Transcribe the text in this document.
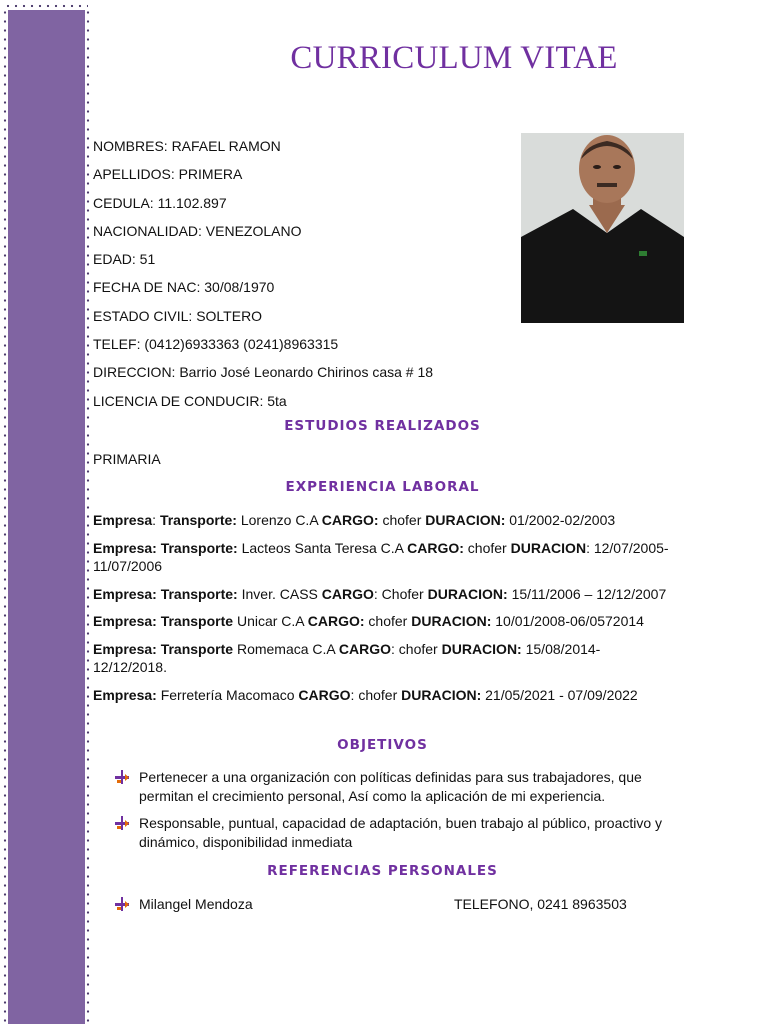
CURRICULUM VITAE
NOMBRES: RAFAEL RAMON
APELLIDOS: PRIMERA
CEDULA: 11.102.897
NACIONALIDAD: VENEZOLANO
EDAD: 51
FECHA DE NAC: 30/08/1970
ESTADO CIVIL: SOLTERO
TELEF: (0412)6933363 (0241)8963315
DIRECCION: Barrio José Leonardo Chirinos casa # 18
LICENCIA DE CONDUCIR: 5ta
ESTUDIOS REALIZADOS
PRIMARIA
EXPERIENCIA LABORAL
Empresa: Transporte: Lorenzo C.A CARGO: chofer DURACION: 01/2002-02/2003
Empresa: Transporte: Lacteos Santa Teresa C.A CARGO: chofer DURACION: 12/07/2005-11/07/2006
Empresa: Transporte: Inver. CASS CARGO: Chofer DURACION: 15/11/2006 – 12/12/2007
Empresa: Transporte Unicar C.A CARGO: chofer DURACION: 10/01/2008-06/0572014
Empresa: Transporte Romemaca C.A CARGO: chofer DURACION: 15/08/2014-12/12/2018.
Empresa: Ferretería Macomaco CARGO: chofer DURACION: 21/05/2021 - 07/09/2022
OBJETIVOS
Pertenecer a una organización con políticas definidas para sus trabajadores, que permitan el crecimiento personal, Así como la aplicación de mi experiencia.
Responsable, puntual, capacidad de adaptación, buen trabajo al público, proactivo y dinámico, disponibilidad inmediata
REFERENCIAS PERSONALES
Milangel Mendoza	TELEFONO, 0241 8963503
